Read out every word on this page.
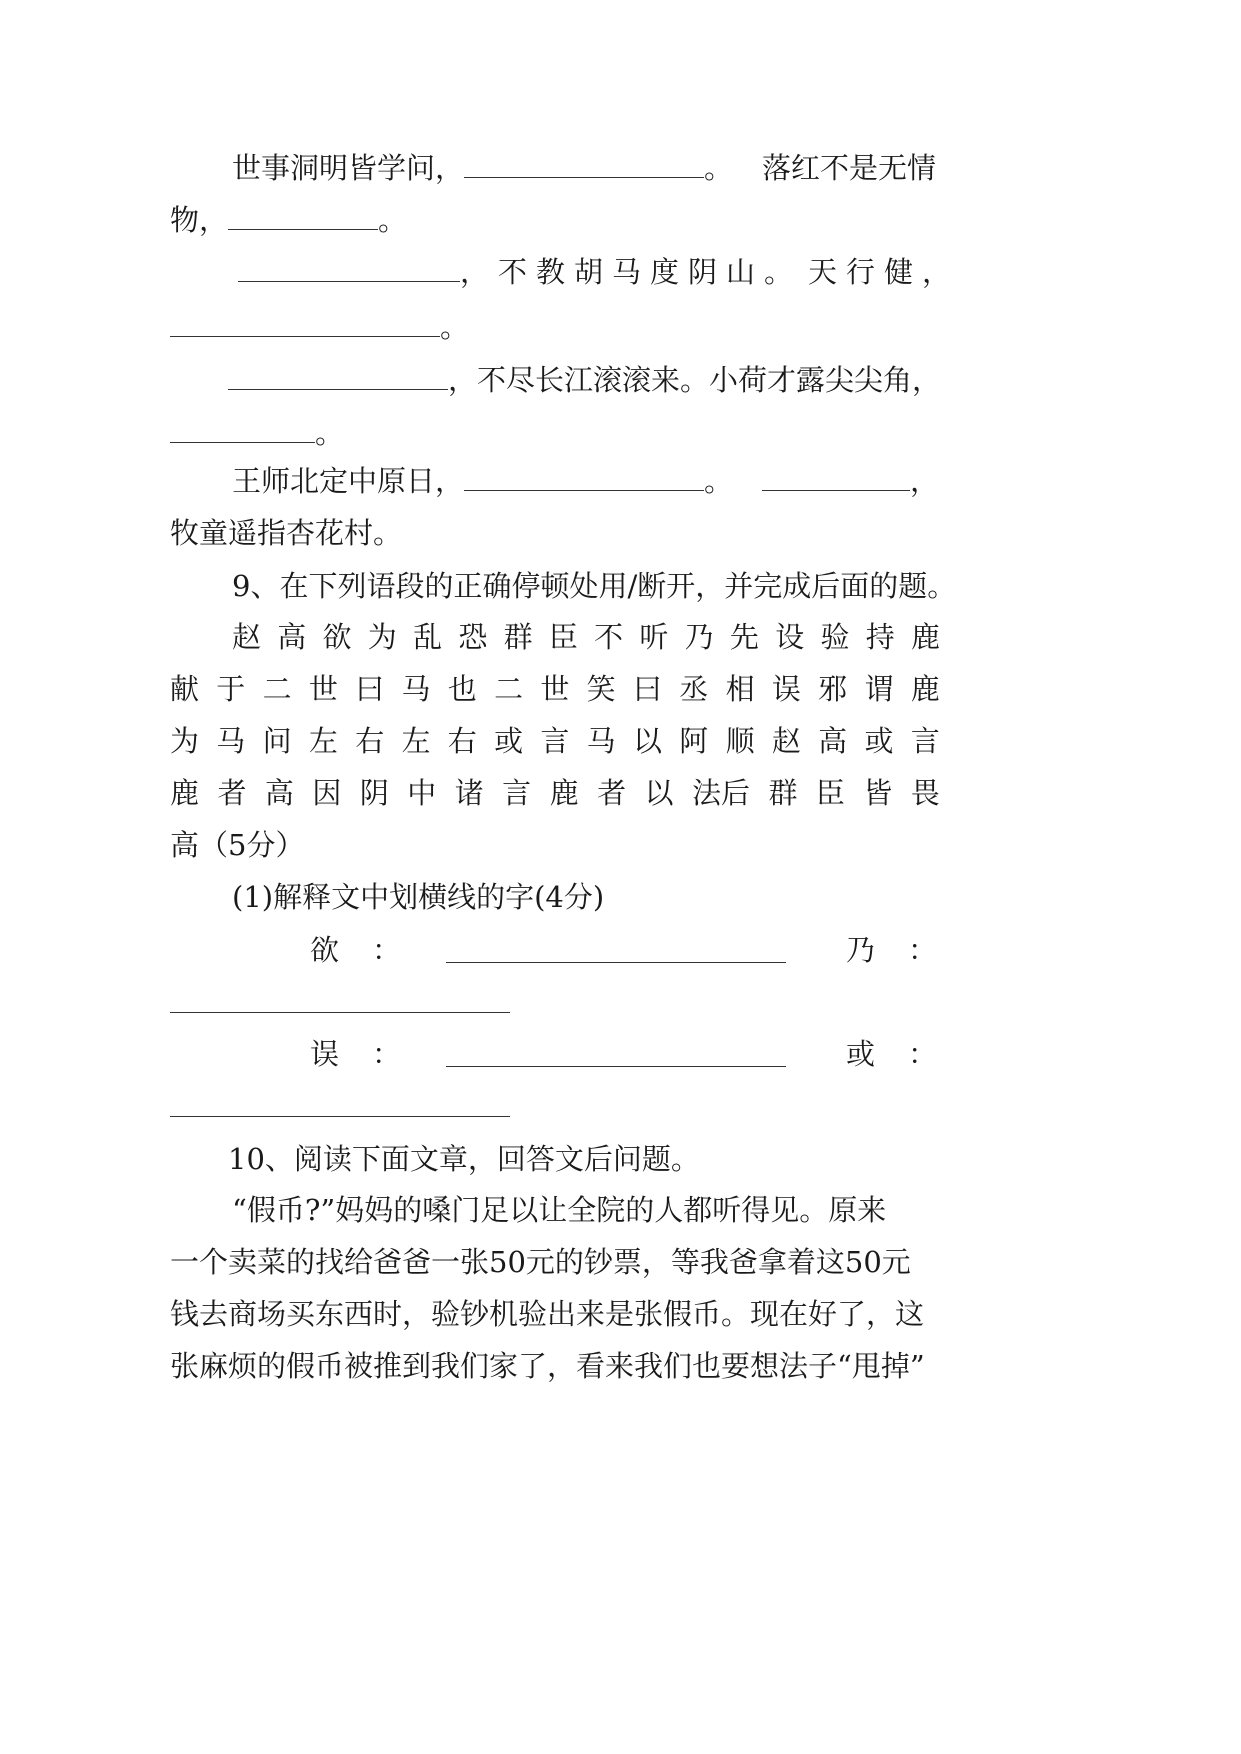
世事洞明皆学问，	。 落红不是无情
物，	。
，不教胡马度阴山。 天行健，
。
，不尽长江滚滚来。小荷才露尖尖角，
。
王师北定中原日，	。	，
牧童遥指杏花村。
9、在下列语段的正确停顿处用/断开，并完成后面的题。
赵 高 欲 为 乱 恐 群 臣 不 听 乃 先 设 验 持 鹿
献 于 二 世 曰 马 也 二 世 笑 曰 丞 相 误 邪 谓 鹿
为 马 问 左 右 左 右 或 言 马 以 阿 顺 赵 高 或 言
鹿 者 高 因 阴 中 诸 言 鹿 者 以 法后 群 臣 皆 畏
高（5分）
(1)解释文中划横线的字(4分)
欲 ：	乃 ：
误 ：	或 ：
10、阅读下面文章，回答文后问题。
“假币?”妈妈的嗓门足以让全院的人都听得见。原来
一个卖菜的找给爸爸一张50元的钞票，等我爸拿着这50元
钱去商场买东西时，验钞机验出来是张假币。现在好了，这
张麻烦的假币被推到我们家了，看来我们也要想法子“甩掉”
